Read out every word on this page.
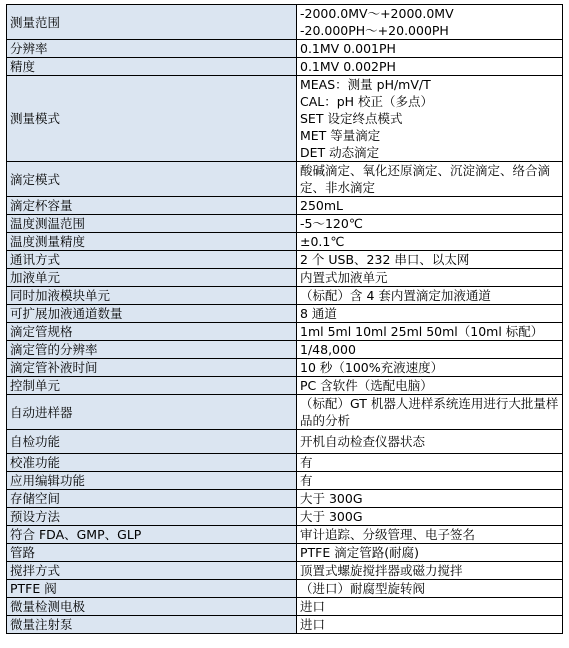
测量范围	-2000.0MV～+2000.0MV
-20.000PH～+20.000PH
分辨率	0.1MV 0.001PH
精度	0.1MV 0.002PH
测量模式	MEAS：测量 pH/mV/T
CAL：pH 校正（多点）
SET 设定终点模式
MET 等量滴定
DET 动态滴定
滴定模式	酸碱滴定、氧化还原滴定、沉淀滴定、络合滴定、非水滴定
滴定杯容量	250mL
温度测温范围	-5～120℃
温度测量精度	±0.1℃
通讯方式	2 个 USB、232 串口、以太网
加液单元	内置式加液单元
同时加液模块单元	（标配）含 4 套内置滴定加液通道
可扩展加液通道数量	8 通道
滴定管规格	1ml 5ml 10ml 25ml 50ml（10ml 标配）
滴定管的分辨率	1/48,000
滴定管补液时间	10 秒（100%充液速度）
控制单元	PC 含软件（选配电脑）
自动进样器	（标配）GT 机器人进样系统连用进行大批量样品的分析
自检功能	开机自动检查仪器状态
校准功能	有
应用编辑功能	有
存储空间	大于 300G
预设方法	大于 300G
符合 FDA、GMP、GLP	审计追踪、分级管理、电子签名
管路	PTFE 滴定管路(耐腐)
搅拌方式	顶置式螺旋搅拌器或磁力搅拌
PTFE 阀	（进口）耐腐型旋转阀
微量检测电极	进口
微量注射泵	进口
